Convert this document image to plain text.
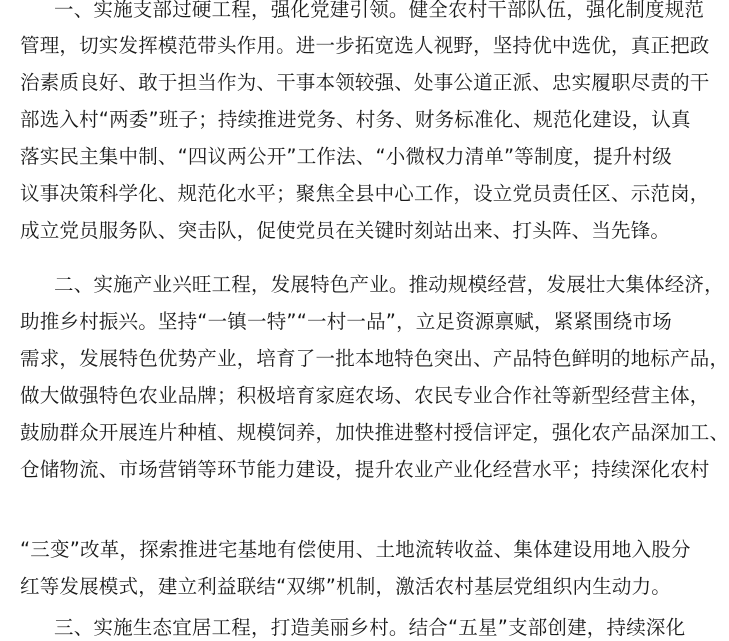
一、实施支部过硬工程，强化党建引领。健全农村干部队伍，强化制度规范
管理，切实发挥模范带头作用。进一步拓宽选人视野，坚持优中选优，真正把政
治素质良好、敢于担当作为、干事本领较强、处事公道正派、忠实履职尽责的干
部选入村“两委”班子；持续推进党务、村务、财务标准化、规范化建设，认真
落实民主集中制、“四议两公开”工作法、“小微权力清单”等制度，提升村级
议事决策科学化、规范化水平；聚焦全县中心工作，设立党员责任区、示范岗，
成立党员服务队、突击队，促使党员在关键时刻站出来、打头阵、当先锋。
二、实施产业兴旺工程，发展特色产业。推动规模经营，发展壮大集体经济，
助推乡村振兴。坚持“一镇一特”“一村一品”，立足资源禀赋，紧紧围绕市场
需求，发展特色优势产业，培育了一批本地特色突出、产品特色鲜明的地标产品，
做大做强特色农业品牌；积极培育家庭农场、农民专业合作社等新型经营主体，
鼓励群众开展连片种植、规模饲养，加快推进整村授信评定，强化农产品深加工、
仓储物流、市场营销等环节能力建设，提升农业产业化经营水平；持续深化农村
“三变”改革，探索推进宅基地有偿使用、土地流转收益、集体建设用地入股分
红等发展模式，建立利益联结“双绑”机制，激活农村基层党组织内生动力。
三、实施生态宜居工程，打造美丽乡村。结合“五星”支部创建，持续深化
